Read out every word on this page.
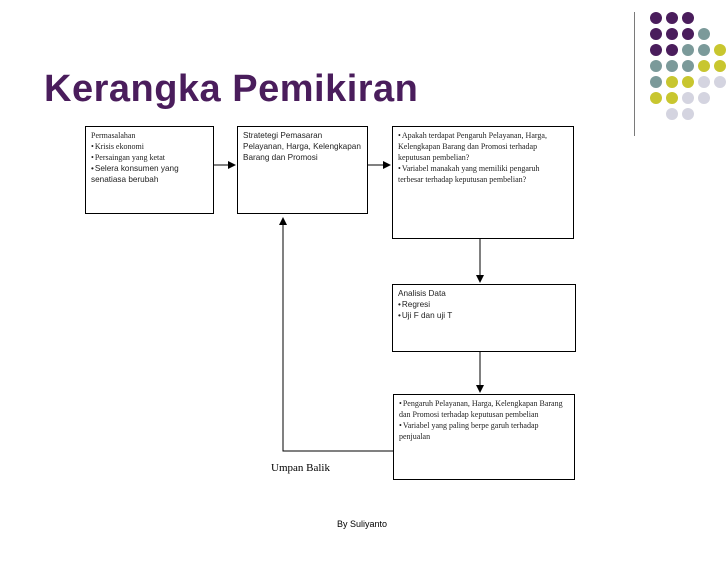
Kerangka Pemikiran
Permasalahan
• Krisis ekonomi
• Persaingan yang ketat
• Selera konsumen yang
senatiasa berubah
Stratetegi Pemasaran
Pelayanan, Harga, Kelengkapan
Barang dan Promosi
• Apakah terdapat Pengaruh Pelayanan, Harga,
Kelengkapan Barang dan Promosi terhadap
keputusan pembelian?
• Variabel manakah yang memiliki pengaruh
terbesar terhadap keputusan pembelian?
Analisis Data
• Regresi
• Uji F dan uji T
• Pengaruh Pelayanan, Harga, Kelengkapan Barang
dan Promosi terhadap keputusan pembelian
• Variabel yang paling berpe garuh terhadap
penjualan
Umpan Balik
By Suliyanto
